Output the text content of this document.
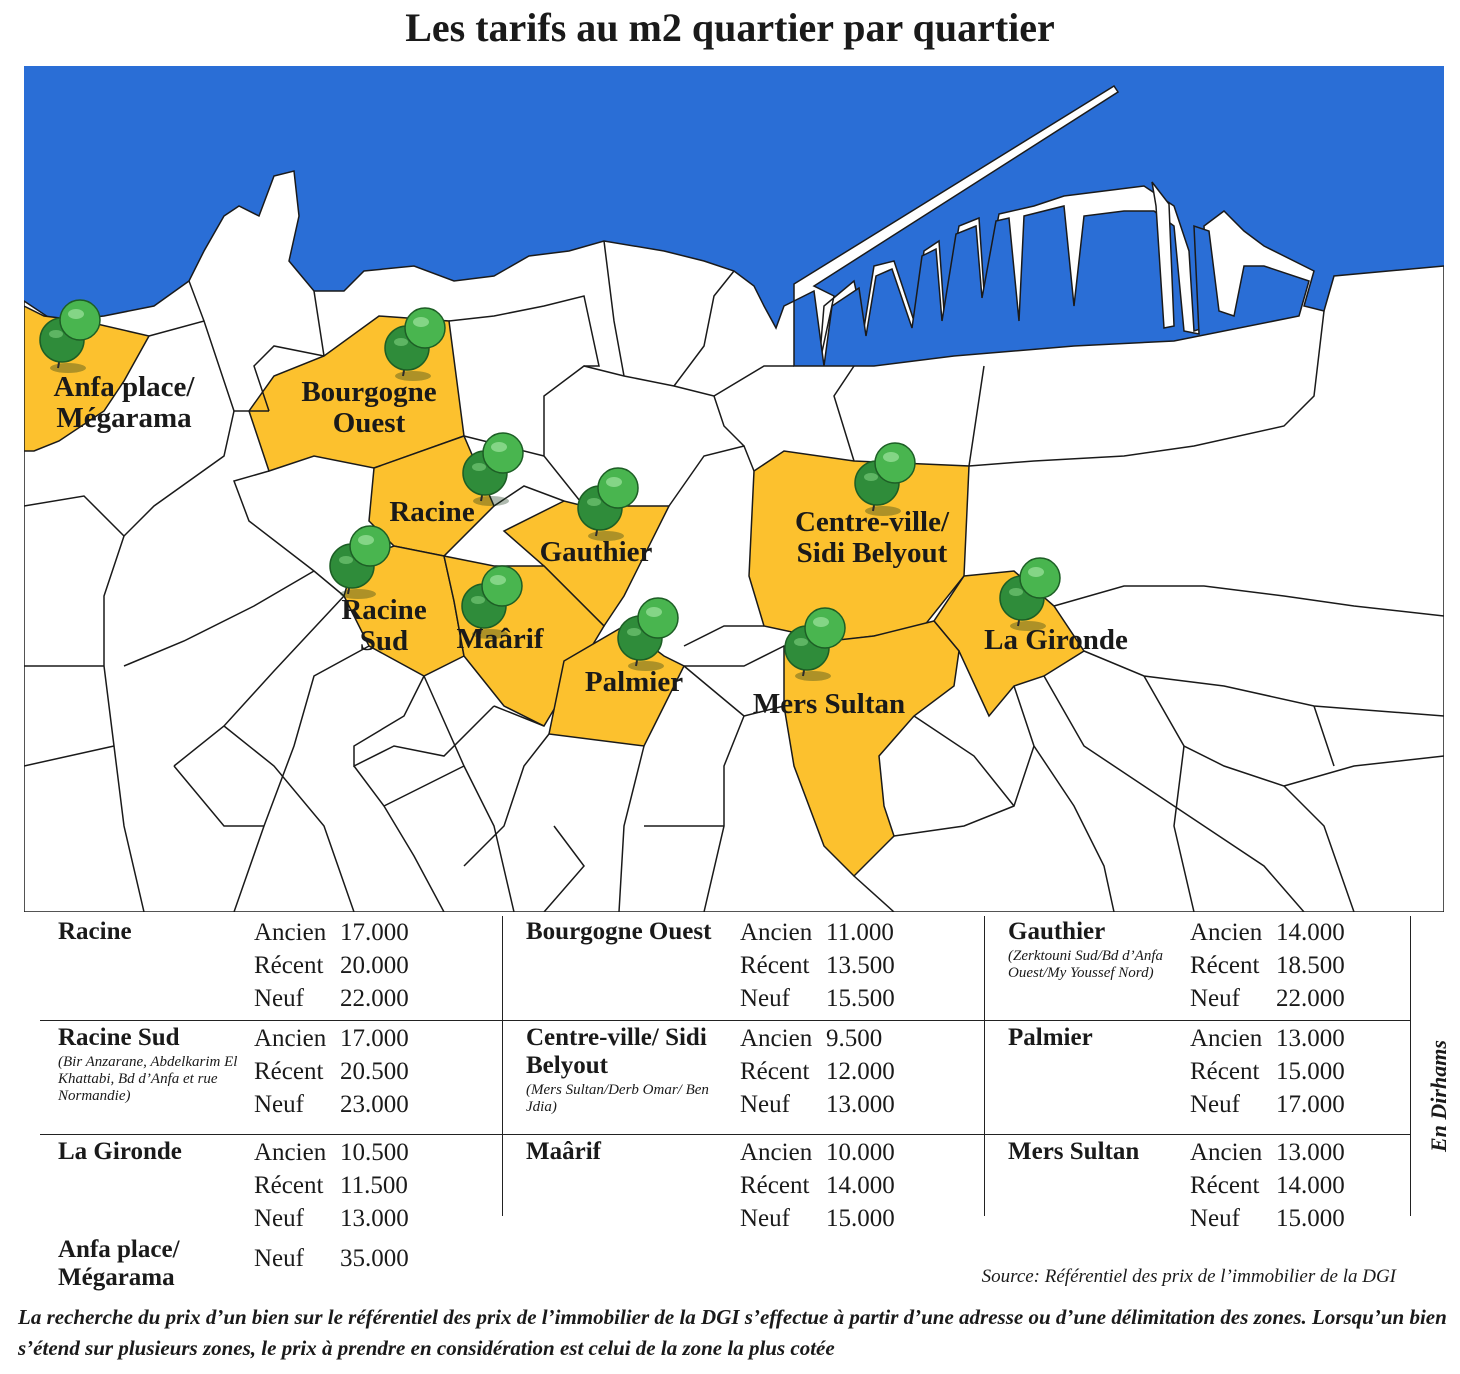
Les tarifs au m2 quartier par quartier
Anfa place/ Mégarama
Bourgogne Ouest
Racine
Gauthier
Centre-ville/ Sidi Belyout
Racine Sud	Maârif
Palmier
Mers Sultan
La Gironde
Racine	Ancien 17.000
Récent 20.000
Neuf 22.000
Bourgogne Ouest	Ancien 11.000
Récent 13.500
Neuf 15.500
Gauthier
(Zerktouni Sud/Bd d’Anfa Ouest/My Youssef Nord)
Ancien 14.000
Récent 18.500
Neuf 22.000
Racine Sud
(Bir Anzarane, Abdelkarim El Khattabi, Bd d’Anfa et rue Normandie)
Ancien 17.000
Récent 20.500
Neuf 23.000
Centre-ville/ Sidi Belyout
(Mers Sultan/Derb Omar/ Ben Jdia)
Ancien 9.500
Récent 12.000
Neuf 13.000
Palmier	Ancien 13.000
Récent 15.000
Neuf 17.000
La Gironde	Ancien 10.500
Récent 11.500
Neuf 13.000
Maârif	Ancien 10.000
Récent 14.000
Neuf 15.000
Mers Sultan	Ancien 13.000
Récent 14.000
Neuf 15.000
Anfa place/ Mégarama
Neuf 35.000
En Dirhams
Source: Référentiel des prix de l’immobilier de la DGI
La recherche du prix d’un bien sur le référentiel des prix de l’immobilier de la DGI s’effectue à partir d’une adresse ou d’une délimitation des zones. Lorsqu’un bien s’étend sur plusieurs zones, le prix à prendre en considération est celui de la zone la plus cotée
